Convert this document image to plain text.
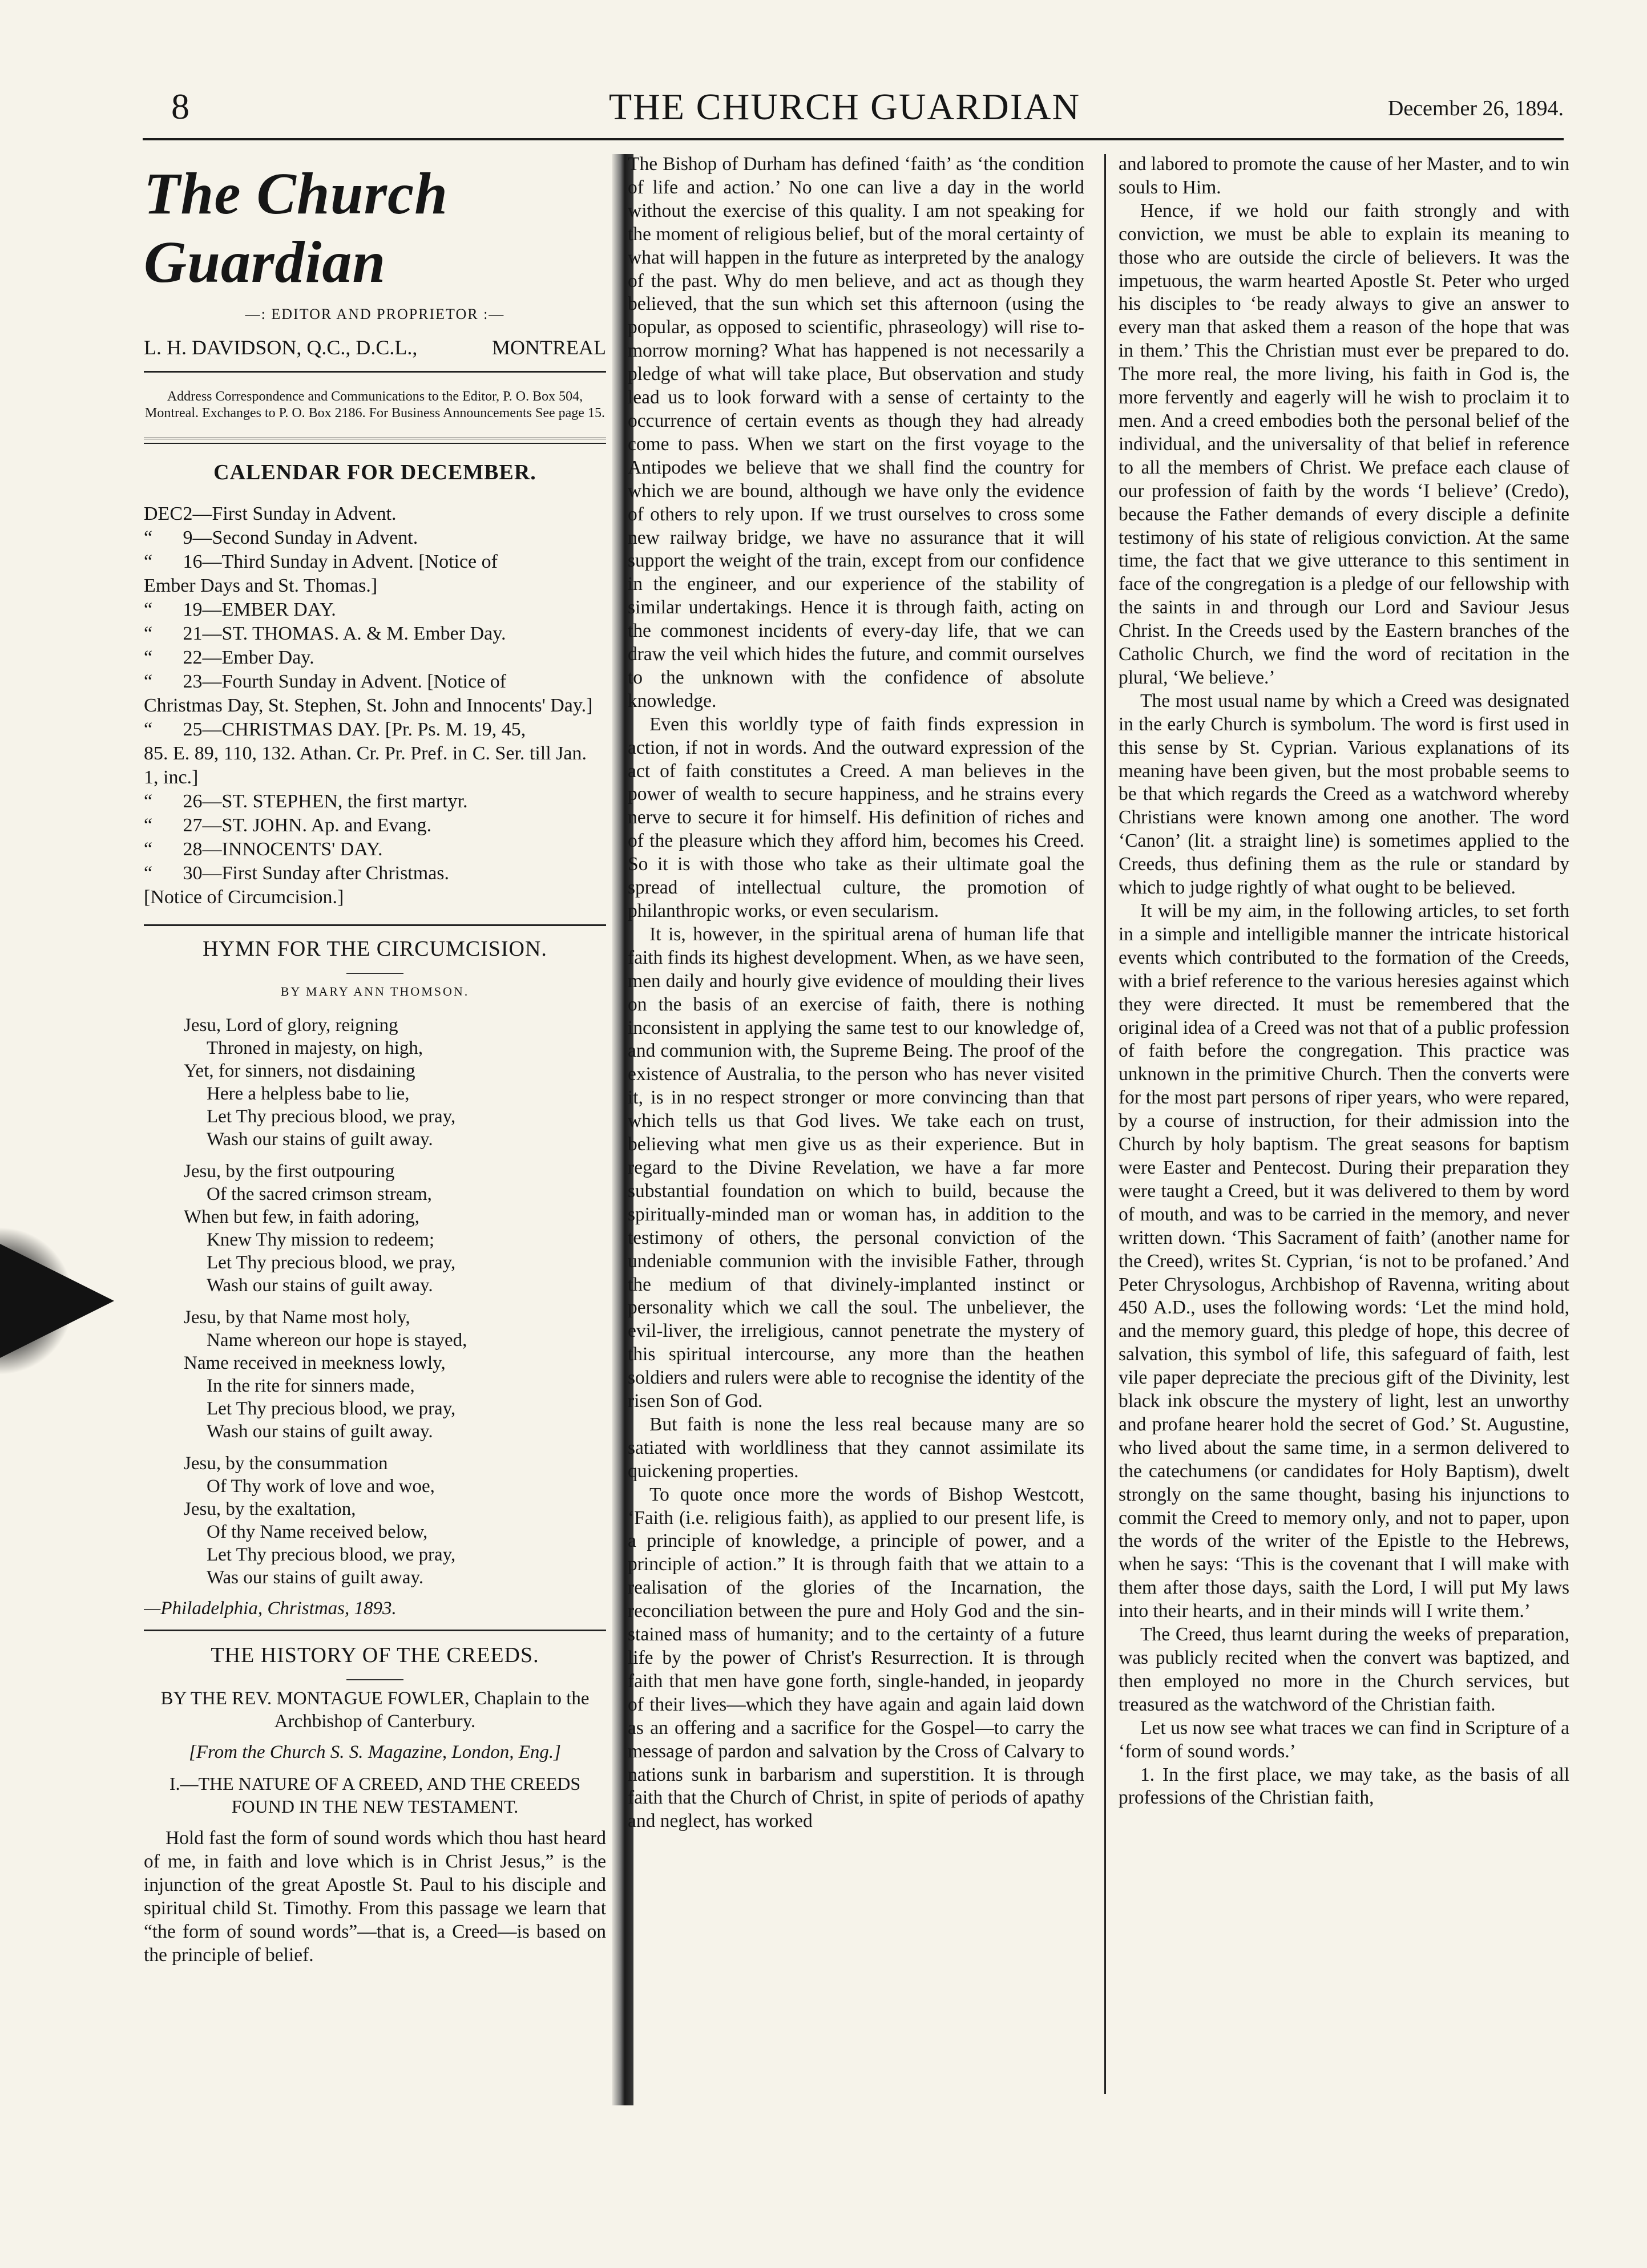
8	THE CHURCH GUARDIAN	December 26, 1894.
The Church Guardian
—: EDITOR AND PROPRIETOR :—
L. H. DAVIDSON, Q.C., D.C.L.,	MONTREAL
Address Correspondence and Communications to the Editor, P. O. Box 504, Montreal. Exchanges to P. O. Box 2186. For Business Announcements See page 15.
CALENDAR FOR DECEMBER.
DEC. 2—First Sunday in Advent.
“ 9—Second Sunday in Advent.
“ 16—Third Sunday in Advent. [Notice of
Ember Days and St. Thomas.]
“ 19—EMBER DAY.
“ 21—ST. THOMAS. A. & M. Ember Day.
“ 22—Ember Day.
“ 23—Fourth Sunday in Advent. [Notice of
Christmas Day, St. Stephen, St. John and Innocents' Day.]
“ 25—CHRISTMAS DAY. [Pr. Ps. M. 19, 45,
85. E. 89, 110, 132. Athan. Cr. Pr. Pref. in C. Ser. till Jan. 1, inc.]
“ 26—ST. STEPHEN, the first martyr.
“ 27—ST. JOHN. Ap. and Evang.
“ 28—INNOCENTS' DAY.
“ 30—First Sunday after Christmas.
[Notice of Circumcision.]
HYMN FOR THE CIRCUMCISION.
BY MARY ANN THOMSON.
Jesu, Lord of glory, reigning
Throned in majesty, on high,
Yet, for sinners, not disdaining
Here a helpless babe to lie,
Let Thy precious blood, we pray,
Wash our stains of guilt away.
Jesu, by the first outpouring
Of the sacred crimson stream,
When but few, in faith adoring,
Knew Thy mission to redeem;
Let Thy precious blood, we pray,
Wash our stains of guilt away.
Jesu, by that Name most holy,
Name whereon our hope is stayed,
Name received in meekness lowly,
In the rite for sinners made,
Let Thy precious blood, we pray,
Wash our stains of guilt away.
Jesu, by the consummation
Of Thy work of love and woe,
Jesu, by the exaltation,
Of thy Name received below,
Let Thy precious blood, we pray,
Was our stains of guilt away.
—Philadelphia, Christmas, 1893.
THE HISTORY OF THE CREEDS.
BY THE REV. MONTAGUE FOWLER, Chaplain to the Archbishop of Canterbury.
[From the Church S. S. Magazine, London, Eng.]
I.—THE NATURE OF A CREED, AND THE CREEDS FOUND IN THE NEW TESTAMENT.

Hold fast the form of sound words which thou hast heard of me, in faith and love which is in Christ Jesus,” is the injunction of the great Apostle St. Paul to his disciple and spiritual child St. Timothy. From this passage we learn that “the form of sound words”—that is, a Creed—is based on the principle of belief.

The Bishop of Durham has defined ‘faith’ as ‘the condition of life and action.’ No one can live a day in the world without the exercise of this quality. I am not speaking for the moment of religious belief, but of the moral certainty of what will happen in the future as interpreted by the analogy of the past. Why do men believe, and act as though they believed, that the sun which set this afternoon (using the popular, as opposed to scientific, phraseology) will rise to-morrow morning? What has happened is not necessarily a pledge of what will take place, But observation and study lead us to look forward with a sense of certainty to the occurrence of certain events as though they had already come to pass. When we start on the first voyage to the Antipodes we believe that we shall find the country for which we are bound, although we have only the evidence of others to rely upon. If we trust ourselves to cross some new railway bridge, we have no assurance that it will support the weight of the train, except from our confidence in the engineer, and our experience of the stability of similar undertakings. Hence it is through faith, acting on the commonest incidents of every-day life, that we can draw the veil which hides the future, and commit ourselves to the unknown with the confidence of absolute knowledge.

Even this worldly type of faith finds expression in action, if not in words. And the outward expression of the act of faith constitutes a Creed. A man believes in the power of wealth to secure happiness, and he strains every nerve to secure it for himself. His definition of riches and of the pleasure which they afford him, becomes his Creed. So it is with those who take as their ultimate goal the spread of intellectual culture, the promotion of philanthropic works, or even secularism.

It is, however, in the spiritual arena of human life that faith finds its highest development. When, as we have seen, men daily and hourly give evidence of moulding their lives on the basis of an exercise of faith, there is nothing inconsistent in applying the same test to our knowledge of, and communion with, the Supreme Being. The proof of the existence of Australia, to the person who has never visited it, is in no respect stronger or more convincing than that which tells us that God lives. We take each on trust, believing what men give us as their experience. But in regard to the Divine Revelation, we have a far more substantial foundation on which to build, because the spiritually-minded man or woman has, in addition to the testimony of others, the personal conviction of the undeniable communion with the invisible Father, through the medium of that divinely-implanted instinct or personality which we call the soul. The unbeliever, the evil-liver, the irreligious, cannot penetrate the mystery of this spiritual intercourse, any more than the heathen soldiers and rulers were able to recognise the identity of the risen Son of God.

But faith is none the less real because many are so satiated with worldliness that they cannot assimilate its quickening properties.

To quote once more the words of Bishop Westcott, ‘Faith (i.e. religious faith), as applied to our present life, is a principle of knowledge, a principle of power, and a principle of action.” It is through faith that we attain to a realisation of the glories of the Incarnation, the reconciliation between the pure and Holy God and the sin-stained mass of humanity; and to the certainty of a future life by the power of Christ's Resurrection. It is through faith that men have gone forth, single-handed, in jeopardy of their lives—which they have again and again laid down as an offering and a sacrifice for the Gospel—to carry the message of pardon and salvation by the Cross of Calvary to nations sunk in barbarism and superstition. It is through faith that the Church of Christ, in spite of periods of apathy and neglect, has worked

and labored to promote the cause of her Master, and to win souls to Him.

Hence, if we hold our faith strongly and with conviction, we must be able to explain its meaning to those who are outside the circle of believers. It was the impetuous, the warm hearted Apostle St. Peter who urged his disciples to ‘be ready always to give an answer to every man that asked them a reason of the hope that was in them.’ This the Christian must ever be prepared to do. The more real, the more living, his faith in God is, the more fervently and eagerly will he wish to proclaim it to men. And a creed embodies both the personal belief of the individual, and the universality of that belief in reference to all the members of Christ. We preface each clause of our profession of faith by the words ‘I believe’ (Credo), because the Father demands of every disciple a definite testimony of his state of religious conviction. At the same time, the fact that we give utterance to this sentiment in face of the congregation is a pledge of our fellowship with the saints in and through our Lord and Saviour Jesus Christ. In the Creeds used by the Eastern branches of the Catholic Church, we find the word of recitation in the plural, ‘We believe.’

The most usual name by which a Creed was designated in the early Church is symbolum. The word is first used in this sense by St. Cyprian. Various explanations of its meaning have been given, but the most probable seems to be that which regards the Creed as a watchword whereby Christians were known among one another. The word ‘Canon’ (lit. a straight line) is sometimes applied to the Creeds, thus defining them as the rule or standard by which to judge rightly of what ought to be believed.

It will be my aim, in the following articles, to set forth in a simple and intelligible manner the intricate historical events which contributed to the formation of the Creeds, with a brief reference to the various heresies against which they were directed. It must be remembered that the original idea of a Creed was not that of a public profession of faith before the congregation. This practice was unknown in the primitive Church. Then the converts were for the most part persons of riper years, who were repared, by a course of instruction, for their admission into the Church by holy baptism. The great seasons for baptism were Easter and Pentecost. During their preparation they were taught a Creed, but it was delivered to them by word of mouth, and was to be carried in the memory, and never written down. ‘This Sacrament of faith’ (another name for the Creed), writes St. Cyprian, ‘is not to be profaned.’ And Peter Chrysologus, Archbishop of Ravenna, writing about 450 A.D., uses the following words: ‘Let the mind hold, and the memory guard, this pledge of hope, this decree of salvation, this symbol of life, this safeguard of faith, lest vile paper depreciate the precious gift of the Divinity, lest black ink obscure the mystery of light, lest an unworthy and profane hearer hold the secret of God.’ St. Augustine, who lived about the same time, in a sermon delivered to the catechumens (or candidates for Holy Baptism), dwelt strongly on the same thought, basing his injunctions to commit the Creed to memory only, and not to paper, upon the words of the writer of the Epistle to the Hebrews, when he says: ‘This is the covenant that I will make with them after those days, saith the Lord, I will put My laws into their hearts, and in their minds will I write them.’

The Creed, thus learnt during the weeks of preparation, was publicly recited when the convert was baptized, and then employed no more in the Church services, but treasured as the watchword of the Christian faith.

Let us now see what traces we can find in Scripture of a ‘form of sound words.’

1. In the first place, we may take, as the basis of all professions of the Christian faith,
